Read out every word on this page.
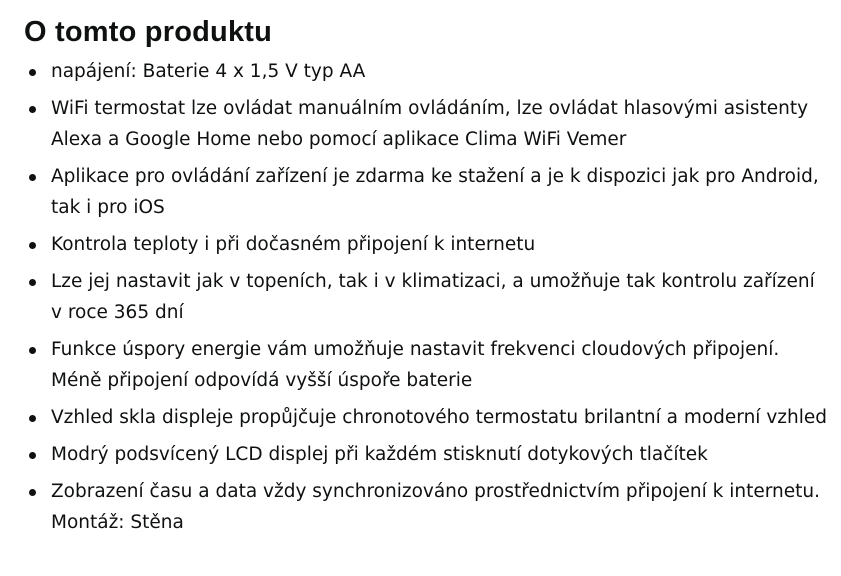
O tomto produktu
napájení: Baterie 4 x 1,5 V typ AA
WiFi termostat lze ovládat manuálním ovládáním, lze ovládat hlasovými asistenty Alexa a Google Home nebo pomocí aplikace Clima WiFi Vemer
Aplikace pro ovládání zařízení je zdarma ke stažení a je k dispozici jak pro Android, tak i pro iOS
Kontrola teploty i při dočasném připojení k internetu
Lze jej nastavit jak v topeních, tak i v klimatizaci, a umožňuje tak kontrolu zařízení v roce 365 dní
Funkce úspory energie vám umožňuje nastavit frekvenci cloudových připojení. Méně připojení odpovídá vyšší úspoře baterie
Vzhled skla displeje propůjčuje chronotového termostatu brilantní a moderní vzhled
Modrý podsvícený LCD displej při každém stisknutí dotykových tlačítek
Zobrazení času a data vždy synchronizováno prostřednictvím připojení k internetu. Montáž: Stěna
